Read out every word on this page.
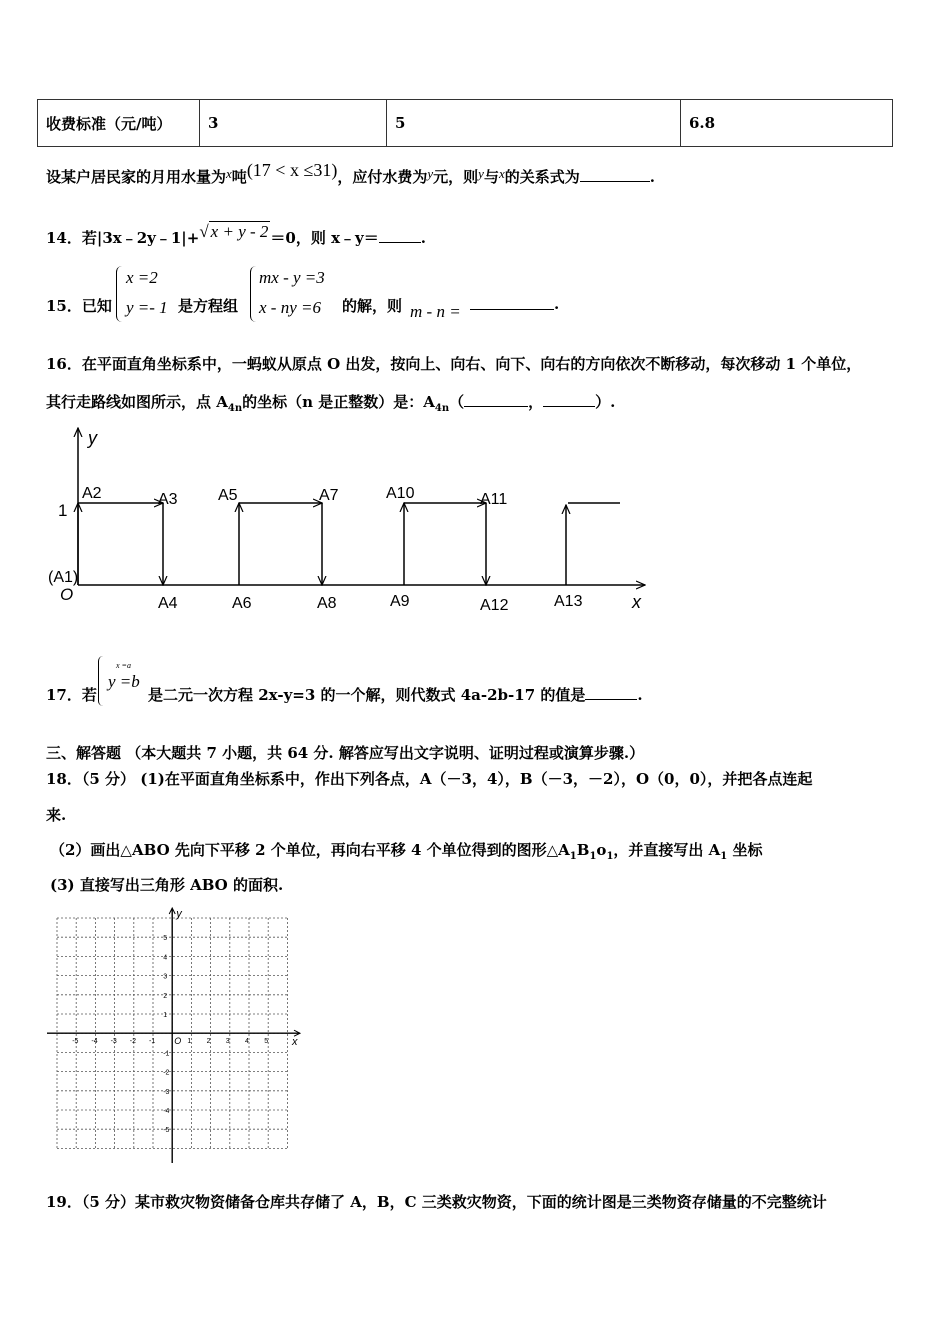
收费标准（元/吨）	3	5	6.8
设某户居民家的月用水量为x吨(17 < x ≤31)，应付水费为y元，则y与x的关系式为	.
14．若|3x﹣2y﹣1|+√ x + y - 2 ＝0，则 x﹣y＝	.
15．已知
x =2
y =- 1 是方程组
mx - y =3
x - ny =6 的解，则 m - n =	.
16．在平面直角坐标系中，一蚂蚁从原点 O 出发，按向上、向右、向下、向右的方向依次不断移动，每次移动 1 个单位，
其行走路线如图所示，点 $A_{4n}$的坐标（n 是正整数）是：$A_{4n}$（	，	）.
y
x
1
(A1)
O
A2	A3
A4
A5
A6
A7
A8	A9
A10	A11
A12	A13
17．若
x =a
y =b
是二元一次方程 2x-y=3 的一个解，则代数式 4a-2b-17 的值是	.
三、解答题 （本大题共 7 小题，共 64 分. 解答应写出文字说明、证明过程或演算步骤.）
18．（5 分） (1)在平面直角坐标系中，作出下列各点，A（－3，4），B（－3，－2），O（0，0），并把各点连起
来.
（2）画出△ABO 先向下平移 2 个单位，再向右平移 4 个单位得到的图形$\triangle A_1B_1o_1$，并直接写出 $A_1$ 坐标
(3) 直接写出三角形 ABO 的面积.
y
x
O
-5 -4 -3 -2 -1	1 2 3 4 5
5
4
3
2
1
-1
-2
-3
-4
-5
19．（5 分）某市救灾物资储备仓库共存储了 A，B，C 三类救灾物资，下面的统计图是三类物资存储量的不完整统计
